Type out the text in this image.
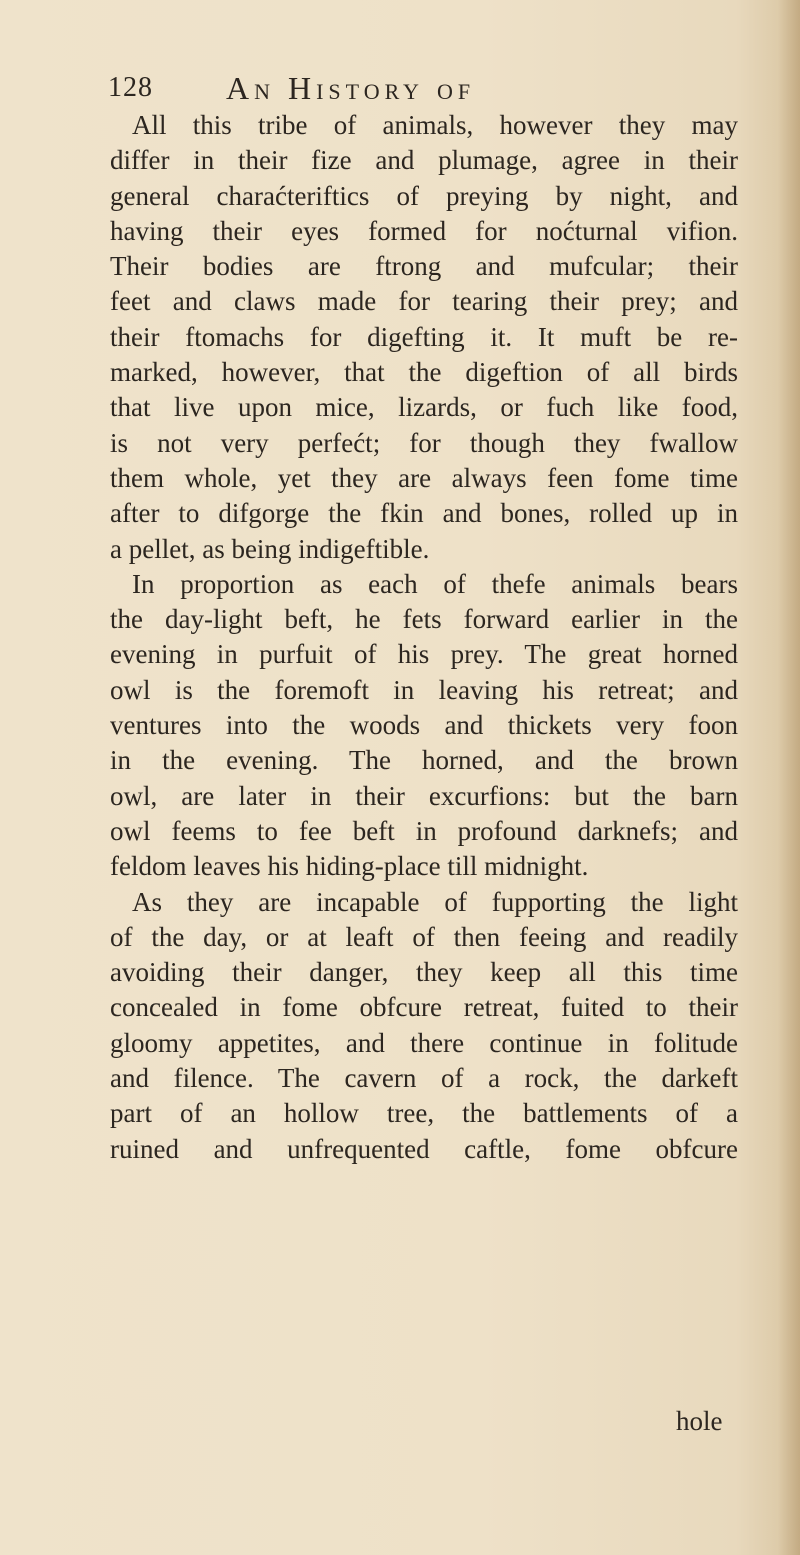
128 An History of
All this tribe of animals, however they may
differ in their fize and plumage, agree in their
general charaćteriftics of preying by night, and
having their eyes formed for noćturnal vifion.
Their bodies are ftrong and mufcular; their
feet and claws made for tearing their prey; and
their ftomachs for digefting it. It muft be re-
marked, however, that the digeftion of all birds
that live upon mice, lizards, or fuch like food,
is not very perfećt; for though they fwallow
them whole, yet they are always feen fome time
after to difgorge the fkin and bones, rolled up in
a pellet, as being indigeftible.
In proportion as each of thefe animals bears
the day-light beft, he fets forward earlier in the
evening in purfuit of his prey. The great horned
owl is the foremoft in leaving his retreat; and
ventures into the woods and thickets very foon
in the evening. The horned, and the brown
owl, are later in their excurfions: but the barn
owl feems to fee beft in profound darknefs; and
feldom leaves his hiding-place till midnight.
As they are incapable of fupporting the light
of the day, or at leaft of then feeing and readily
avoiding their danger, they keep all this time
concealed in fome obfcure retreat, fuited to their
gloomy appetites, and there continue in folitude
and filence. The cavern of a rock, the darkeft
part of an hollow tree, the battlements of a
ruined and unfrequented caftle, fome obfcure
hole
